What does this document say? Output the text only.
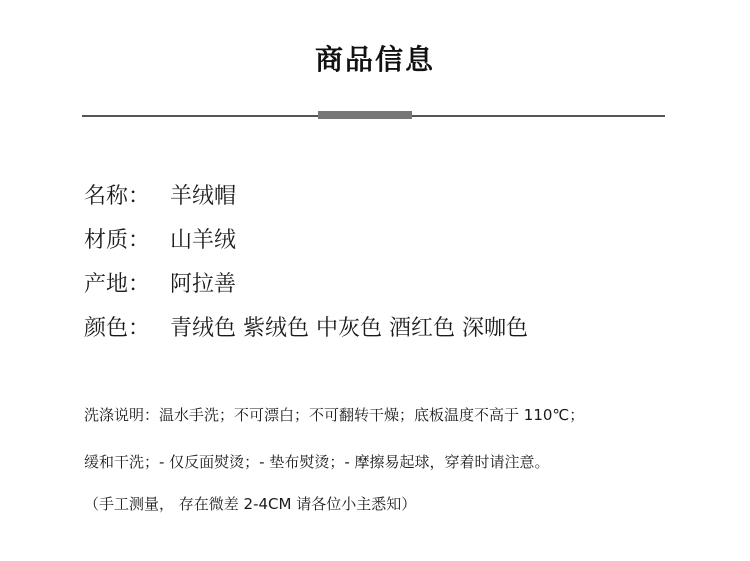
商品信息
名称： 羊绒帽
材质： 山羊绒
产地： 阿拉善
颜色： 青绒色 紫绒色 中灰色 酒红色 深咖色
洗涤说明：温水手洗；不可漂白；不可翻转干燥；底板温度不高于 110℃；
缓和干洗；- 仅反面熨烫；- 垫布熨烫；- 摩擦易起球，穿着时请注意。
（手工测量， 存在微差 2-4CM 请各位小主悉知）
